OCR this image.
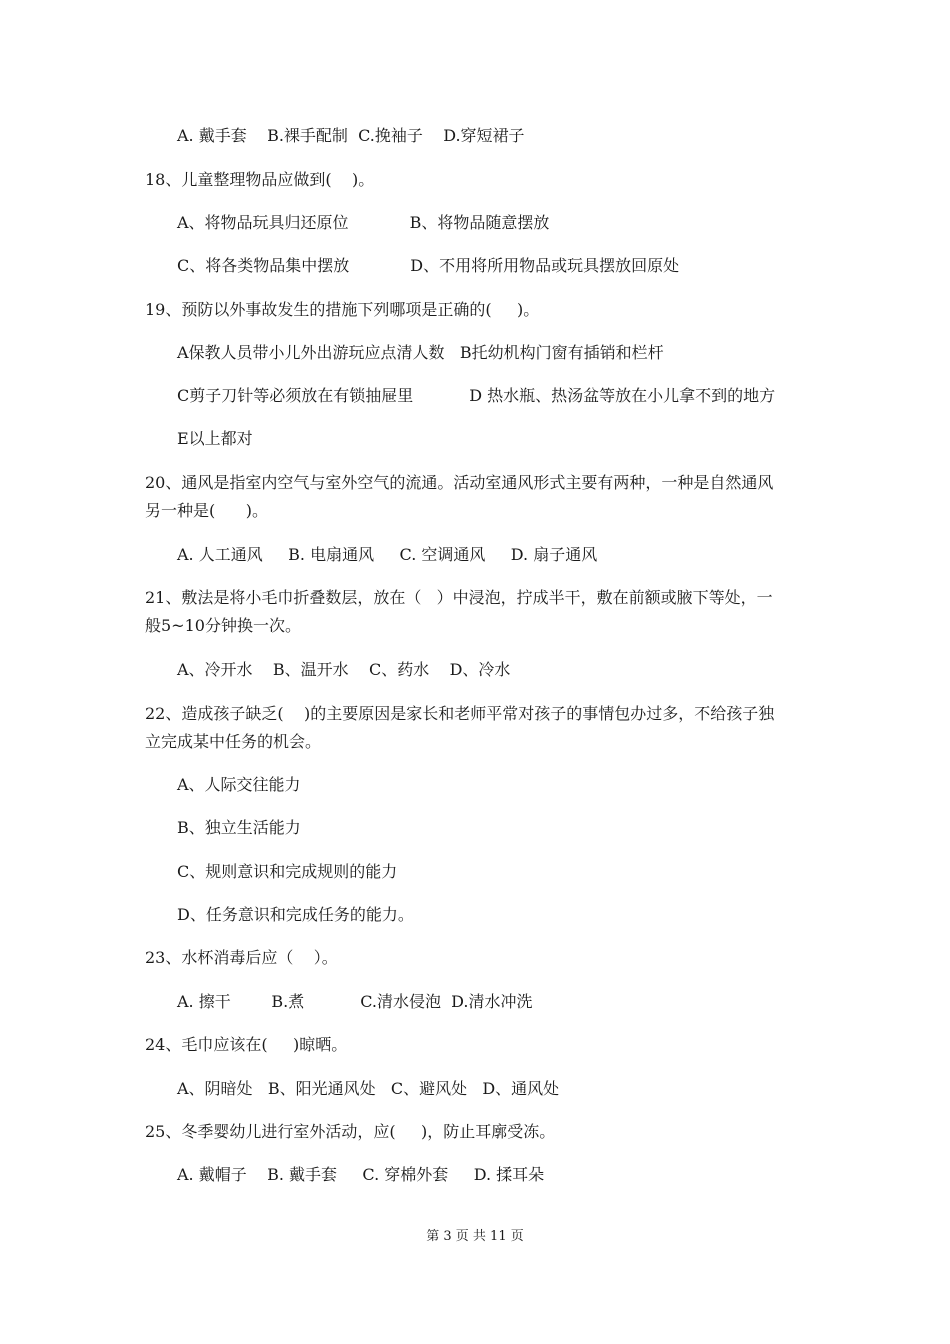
A. 戴手套    B.裸手配制  C.挽袖子    D.穿短裙子
18、儿童整理物品应做到(    )。
A、将物品玩具归还原位            B、将物品随意摆放
C、将各类物品集中摆放            D、不用将所用物品或玩具摆放回原处
19、预防以外事故发生的措施下列哪项是正确的(     )。
A保教人员带小儿外出游玩应点清人数   B托幼机构门窗有插销和栏杆
C剪子刀针等必须放在有锁抽屉里           D 热水瓶、热汤盆等放在小儿拿不到的地方
E以上都对
20、通风是指室内空气与室外空气的流通。活动室通风形式主要有两种，一种是自然通风
另一种是(      )。
A. 人工通风     B. 电扇通风     C. 空调通风     D. 扇子通风
21、敷法是将小毛巾折叠数层，放在（   ）中浸泡，拧成半干，敷在前额或腋下等处，一
般5~10分钟换一次。
A、冷开水    B、温开水    C、药水    D、冷水
22、造成孩子缺乏(    )的主要原因是家长和老师平常对孩子的事情包办过多，不给孩子独
立完成某中任务的机会。
A、人际交往能力
B、独立生活能力
C、规则意识和完成规则的能力
D、任务意识和完成任务的能力。
23、水杯消毒后应（    ）。
A. 擦干        B.煮           C.清水侵泡  D.清水冲洗
24、毛巾应该在(     )晾晒。
A、阴暗处   B、阳光通风处   C、避风处   D、通风处
25、冬季婴幼儿进行室外活动，应(     )，防止耳廓受冻。
A. 戴帽子    B. 戴手套     C. 穿棉外套     D. 揉耳朵
第 3 页 共 11 页
